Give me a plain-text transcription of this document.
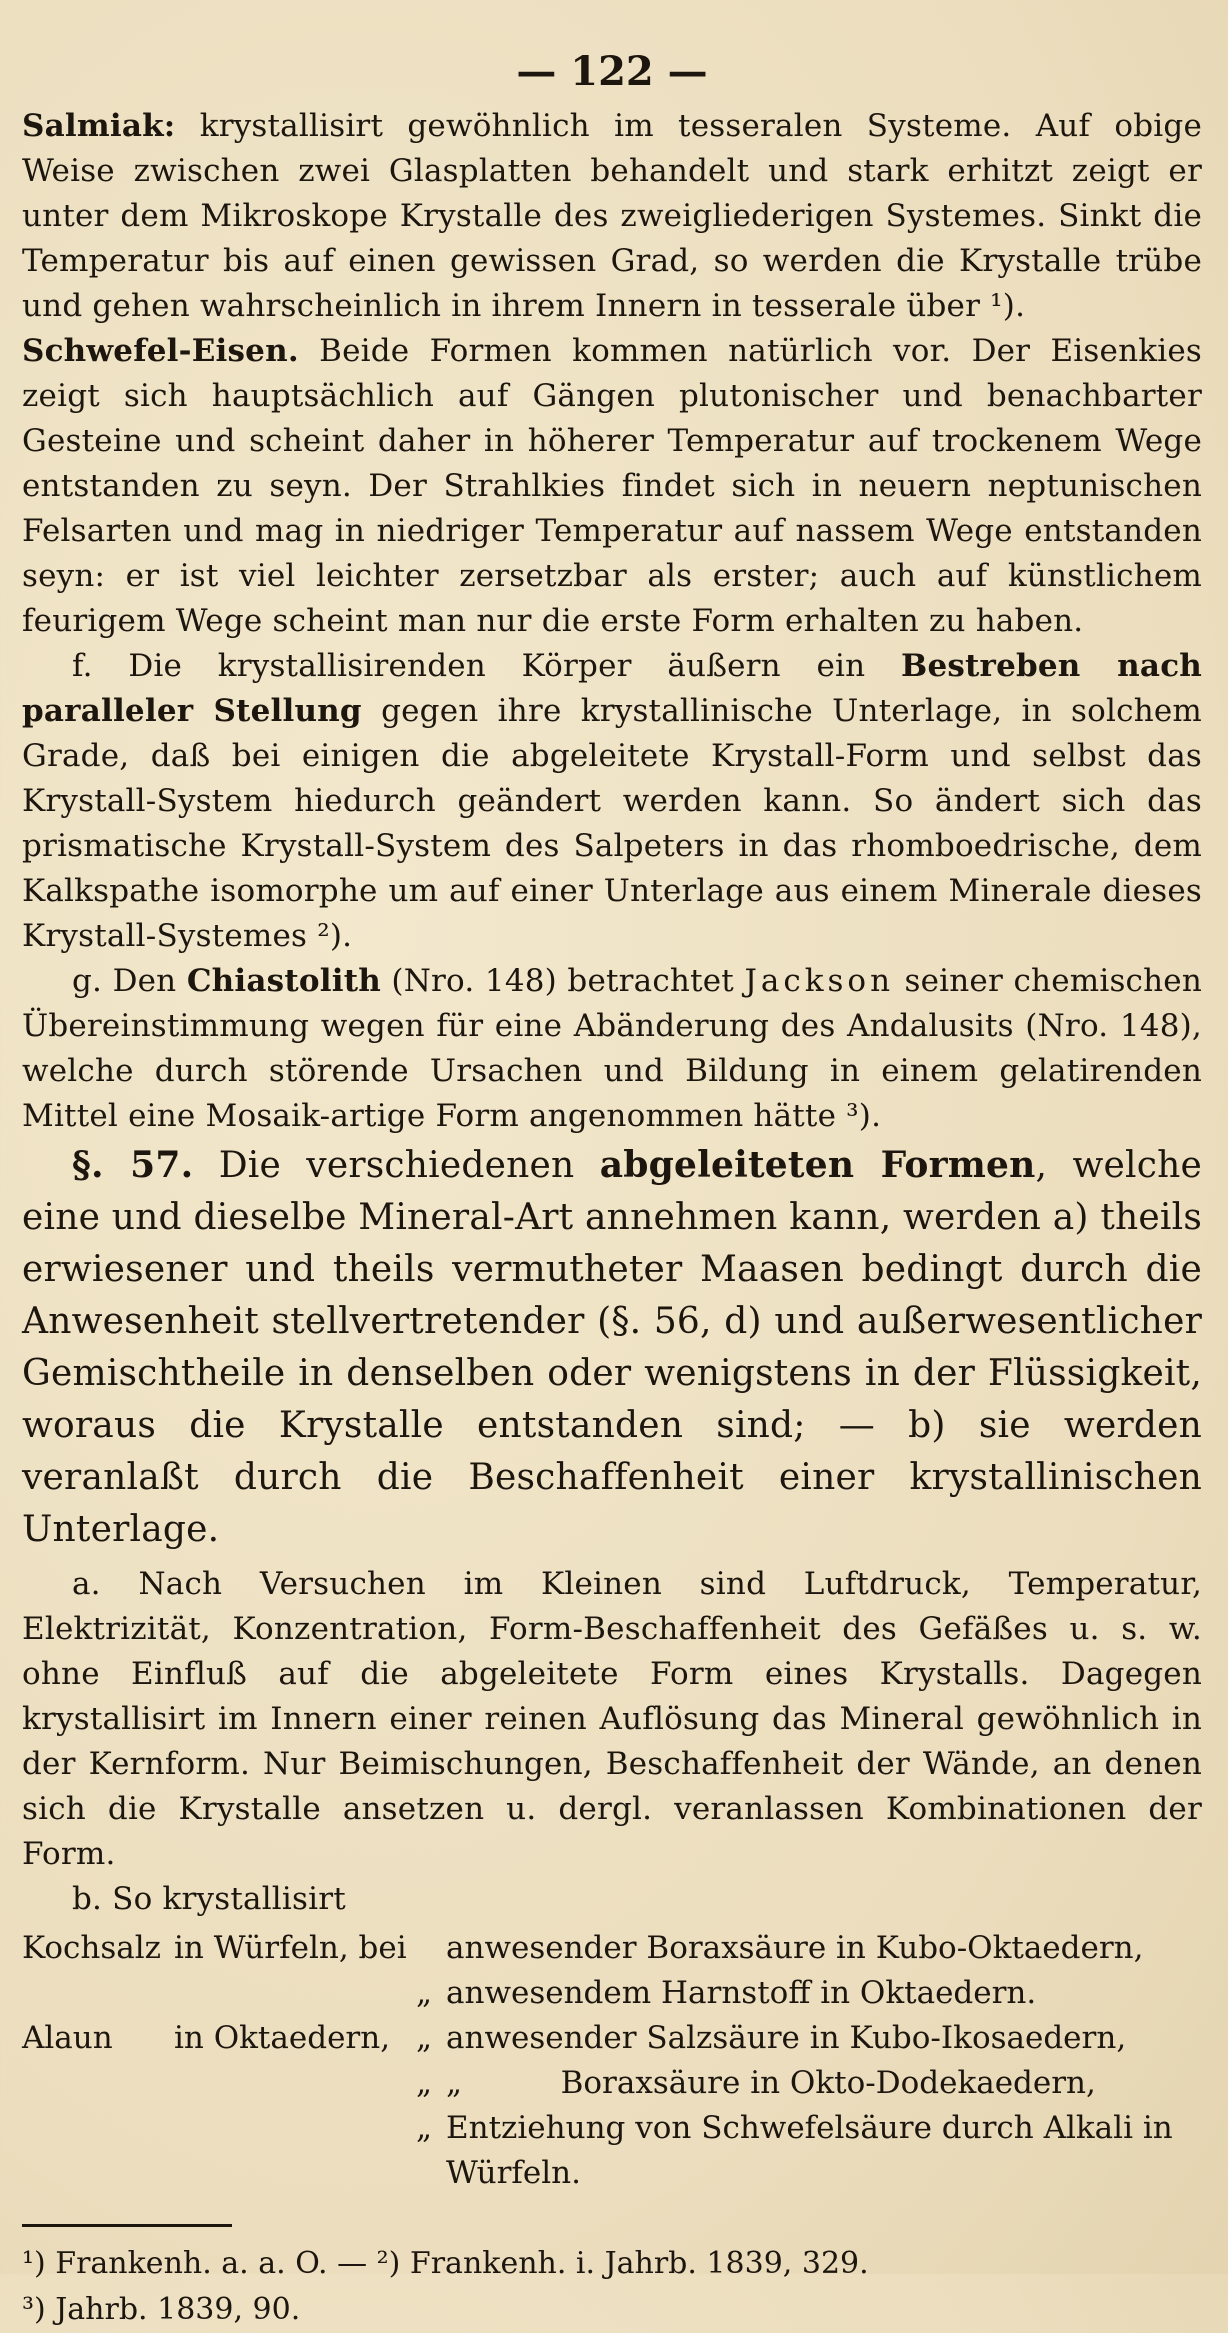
— 122 —

Salmiak: krystallisirt gewöhnlich im tesseralen Systeme. Auf obige Weise zwischen zwei Glasplatten behandelt und stark erhitzt zeigt er unter dem Mikroskope Krystalle des zweigliederigen Systemes. Sinkt die Temperatur bis auf einen gewissen Grad, so werden die Krystalle trübe und gehen wahrscheinlich in ihrem Innern in tesserale über ¹).

Schwefel-Eisen. Beide Formen kommen natürlich vor. Der Eisenkies zeigt sich hauptsächlich auf Gängen plutonischer und benachbarter Gesteine und scheint daher in höherer Temperatur auf trockenem Wege entstanden zu seyn. Der Strahlkies findet sich in neuern neptunischen Felsarten und mag in niedriger Temperatur auf nassem Wege entstanden seyn: er ist viel leichter zersetzbar als erster; auch auf künstlichem feurigem Wege scheint man nur die erste Form erhalten zu haben.

f. Die krystallisirenden Körper äußern ein Bestreben nach paralleler Stellung gegen ihre krystallinische Unterlage, in solchem Grade, daß bei einigen die abgeleitete Krystall-Form und selbst das Krystall-System hiedurch geändert werden kann. So ändert sich das prismatische Krystall-System des Salpeters in das rhomboedrische, dem Kalkspathe isomorphe um auf einer Unterlage aus einem Minerale dieses Krystall-Systemes ²).

g. Den Chiastolith (Nro. 148) betrachtet Jackson seiner chemischen Übereinstimmung wegen für eine Abänderung des Andalusits (Nro. 148), welche durch störende Ursachen und Bildung in einem gelatirenden Mittel eine Mosaik-artige Form angenommen hätte ³).

§. 57. Die verschiedenen abgeleiteten Formen, welche eine und dieselbe Mineral-Art annehmen kann, werden a) theils erwiesener und theils vermutheter Maasen bedingt durch die Anwesenheit stellvertretender (§. 56, d) und außerwesentlicher Gemischtheile in denselben oder wenigstens in der Flüssigkeit, woraus die Krystalle entstanden sind; — b) sie werden veranlaßt durch die Beschaffenheit einer krystallinischen Unterlage.

a. Nach Versuchen im Kleinen sind Luftdruck, Temperatur, Elektrizität, Konzentration, Form-Beschaffenheit des Gefäßes u. s. w. ohne Einfluß auf die abgeleitete Form eines Krystalls. Dagegen krystallisirt im Innern einer reinen Auflösung das Mineral gewöhnlich in der Kernform. Nur Beimischungen, Beschaffenheit der Wände, an denen sich die Krystalle ansetzen u. dergl. veranlassen Kombinationen der Form.

b. So krystallisirt

Kochsalz in Würfeln, bei	anwesender Boraxsäure in Kubo-Oktaedern,
„ anwesendem Harnstoff in Oktaedern.
Alaun	in Oktaedern, „ anwesender Salzsäure in Kubo-Ikosaedern,
„ „          Boraxsäure in Okto-Dodekaedern,
„ Entziehung von Schwefelsäure durch Alkali in Würfeln.
¹) Frankenh. a. a. O. — ²) Frankenh. i. Jahrb. 1839, 329.
³) Jahrb. 1839, 90.
